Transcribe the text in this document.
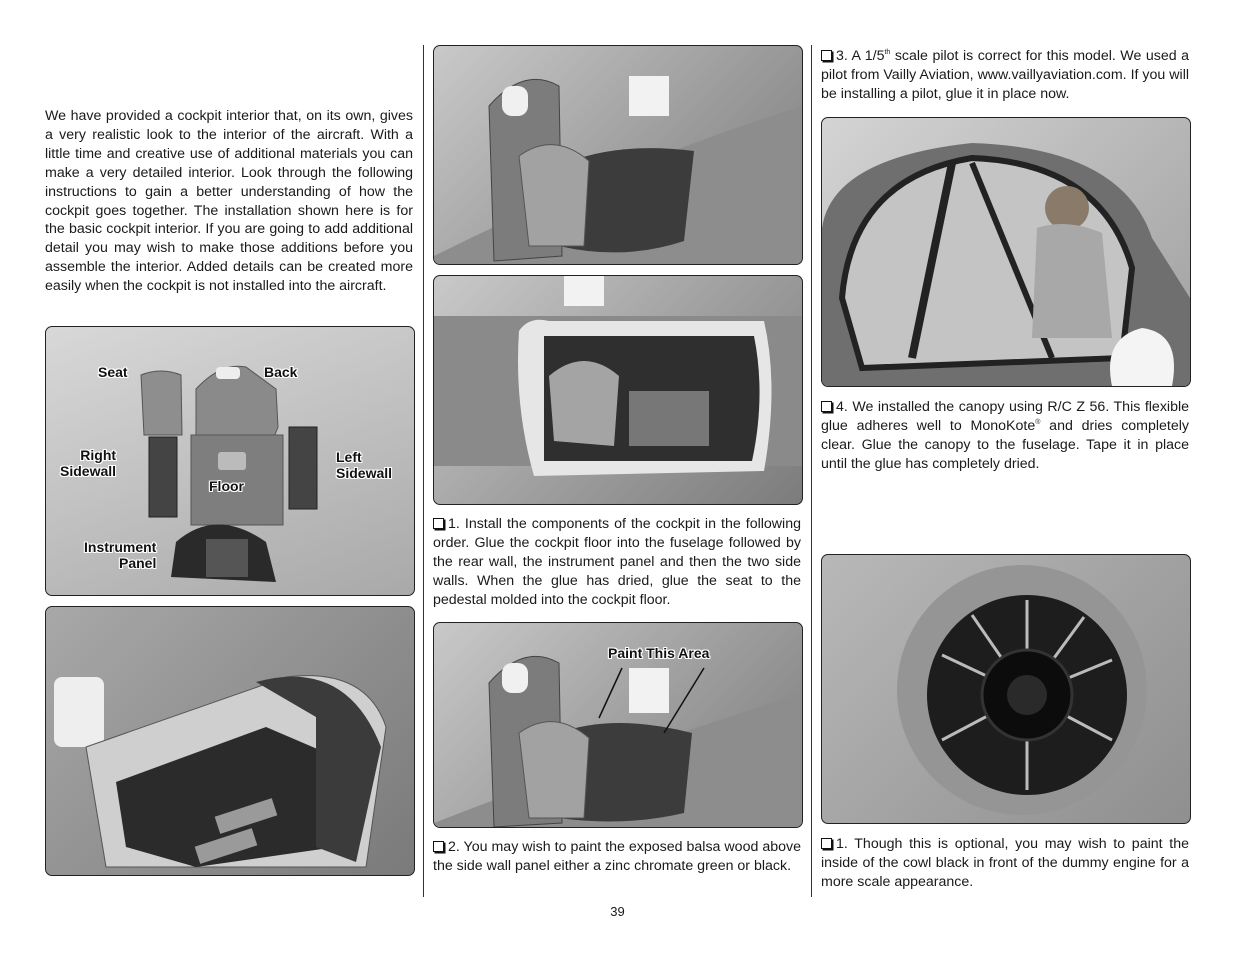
We have provided a cockpit interior that, on its own, gives a very realistic look to the interior of the aircraft. With a little time and creative use of additional materials you can make a very detailed interior. Look through the following instructions to gain a better understanding of how the cockpit goes together. The installation shown here is for the basic cockpit interior. If you are going to add additional detail you may wish to make those additions before you assemble the interior. Added details can be created more easily when the cockpit is not installed into the aircraft.
Seat	Back
Right
Sidewall
Left
Sidewall
Floor
Instrument
Panel
1. Install the components of the cockpit in the following order. Glue the cockpit floor into the fuselage followed by the rear wall, the instrument panel and then the two side walls. When the glue has dried, glue the seat to the pedestal molded into the cockpit floor.
Paint This Area
2. You may wish to paint the exposed balsa wood above the side wall panel either a zinc chromate green or black.
3. A 1/5th scale pilot is correct for this model. We used a pilot from Vailly Aviation, www.vaillyaviation.com. If you will be installing a pilot, glue it in place now.
4. We installed the canopy using R/C Z 56. This flexible glue adheres well to MonoKote® and dries completely clear. Glue the canopy to the fuselage. Tape it in place until the glue has completely dried.
1. Though this is optional, you may wish to paint the inside of the cowl black in front of the dummy engine for a more scale appearance.
39
